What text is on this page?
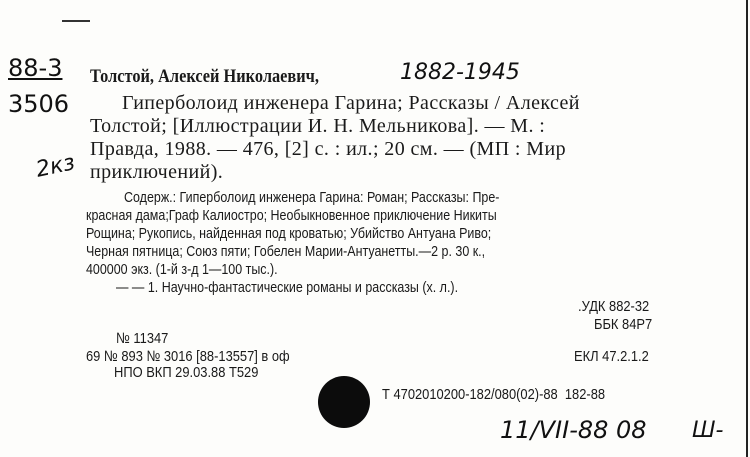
88-3
3506
2кз
Толстой, Алексей Николаевич,	1882-1945
Гиперболоид инженера Гарина; Рассказы / Алексей
Толстой; [Иллюстрации И. Н. Мельникова]. — М. :
Правда, 1988. — 476, [2] с. : ил.; 20 см. — (МП : Мир
приключений).
Содерж.: Гиперболоид инженера Гарина: Роман; Рассказы: Пре-
красная дама;Граф Калиостро; Необыкновенное приключение Никиты
Рощина; Рукопись, найденная под кроватью; Убийство Антуана Риво;
Черная пятница; Союз пяти; Гобелен Марии-Антуанетты.—2 р. 30 к.,
400000 экз. (1-й з-д 1—100 тыс.).
— — 1. Научно-фантастические романы и рассказы (х. л.).
.УДК 882-32
ББК 84Р7
№ 11347
69 № 893 № 3016 [88-13557] в оф	ЕКЛ 47.2.1.2
НПО ВКП 29.03.88 Т529
Т 4702010200-182/080(02)-88  182-88
11/VII-88 08 Ш-
